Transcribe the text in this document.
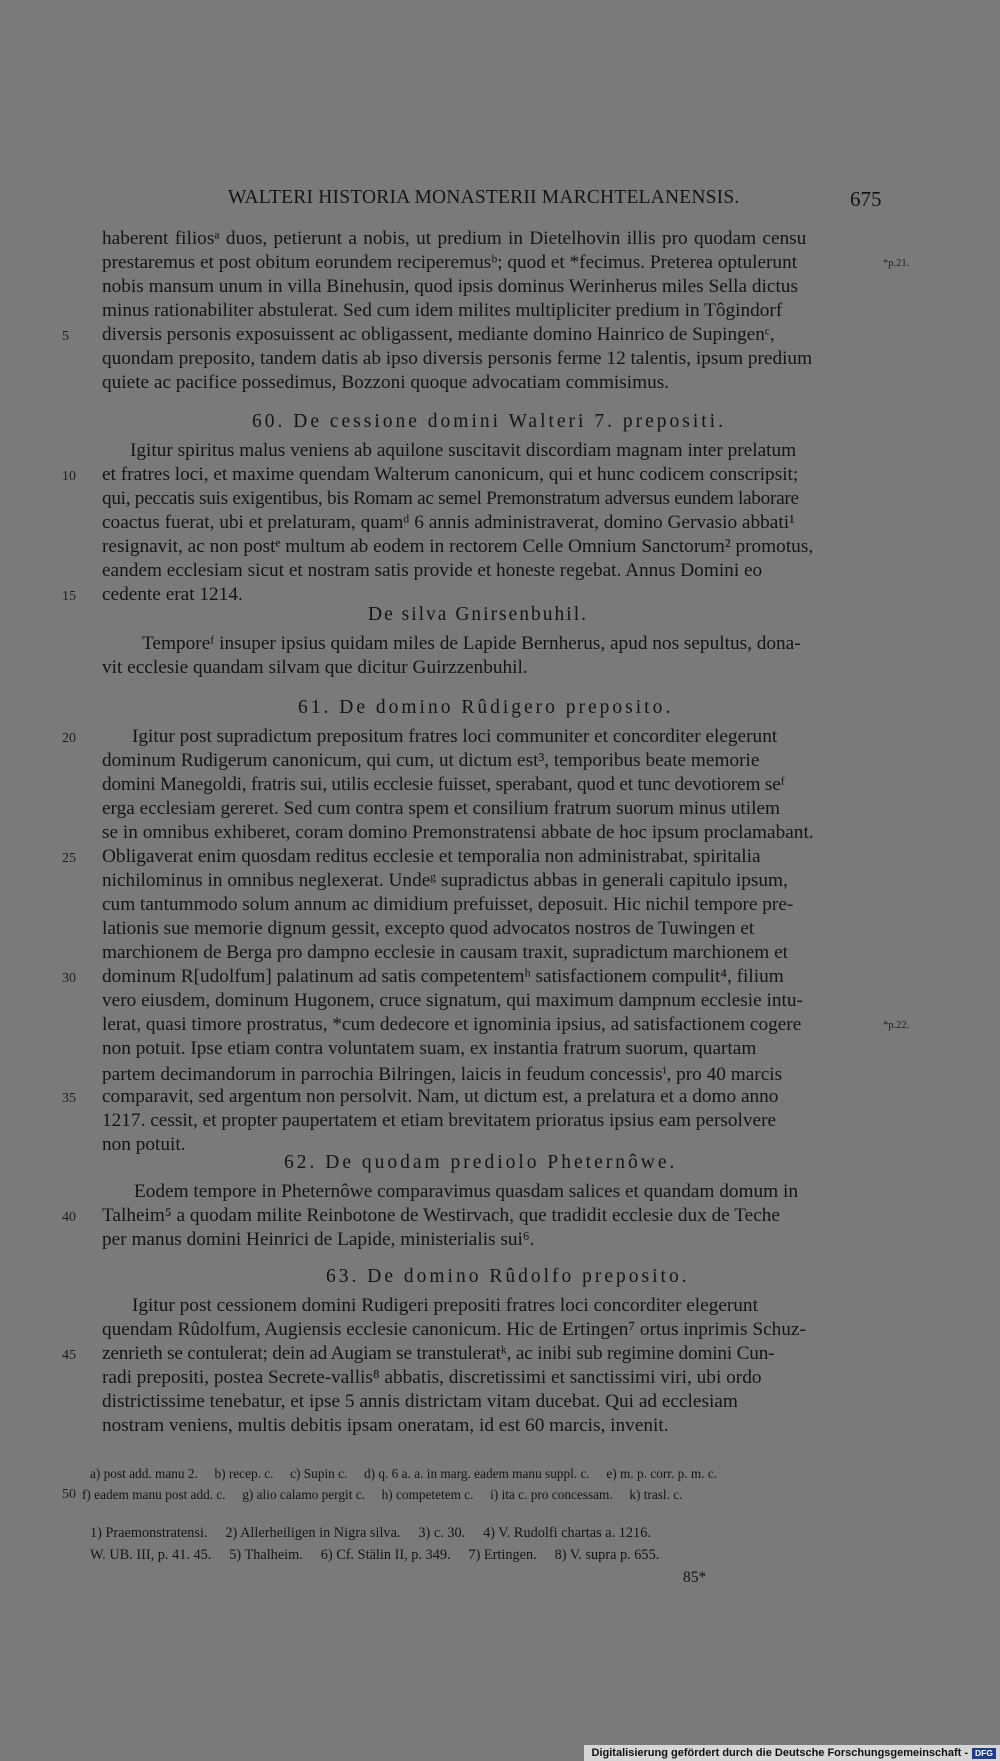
WALTERI HISTORIA MONASTERII MARCHTELANENSIS.	675
haberent filiosᵃ duos, petierunt a nobis, ut predium in Dietelhovin illis pro quodam censu
prestaremus et post obitum eorundem reciperemusᵇ; quod et *fecimus. Preterea optulerunt
nobis mansum unum in villa Binehusin, quod ipsis dominus Werinherus miles Sella dictus
minus rationabiliter abstulerat. Sed cum idem milites multipliciter predium in Tôgindorf
diversis personis exposuissent ac obligassent, mediante domino Hainrico de Supingenᶜ,
quondam preposito, tandem datis ab ipso diversis personis ferme 12 talentis, ipsum predium
quiete ac pacifice possedimus, Bozzoni quoque advocatiam commisimus.
60. De cessione domini Walteri 7. prepositi.
Igitur spiritus malus veniens ab aquilone suscitavit discordiam magnam inter prelatum
et fratres loci, et maxime quendam Walterum canonicum, qui et hunc codicem conscripsit;
qui, peccatis suis exigentibus, bis Romam ac semel Premonstratum adversus eundem laborare
coactus fuerat, ubi et prelaturam, quamᵈ 6 annis administraverat, domino Gervasio abbati¹
resignavit, ac non postᵉ multum ab eodem in rectorem Celle Omnium Sanctorum² promotus,
eandem ecclesiam sicut et nostram satis provide et honeste regebat. Annus Domini eo
cedente erat 1214.
De silva Gnirsenbuhil.
Temporeᶠ insuper ipsius quidam miles de Lapide Bernherus, apud nos sepultus, dona-
vit ecclesie quandam silvam que dicitur Guirzzenbuhil.
61. De domino Rûdigero preposito.
Igitur post supradictum prepositum fratres loci communiter et concorditer elegerunt
dominum Rudigerum canonicum, qui cum, ut dictum est³, temporibus beate memorie
domini Manegoldi, fratris sui, utilis ecclesie fuisset, sperabant, quod et tunc devotiorem seᶠ
erga ecclesiam gereret. Sed cum contra spem et consilium fratrum suorum minus utilem
se in omnibus exhiberet, coram domino Premonstratensi abbate de hoc ipsum proclamabant.
Obligaverat enim quosdam reditus ecclesie et temporalia non administrabat, spiritalia
nichilominus in omnibus neglexerat. Undeᵍ supradictus abbas in generali capitulo ipsum,
cum tantummodo solum annum ac dimidium prefuisset, deposuit. Hic nichil tempore pre-
lationis sue memorie dignum gessit, excepto quod advocatos nostros de Tuwingen et
marchionem de Berga pro dampno ecclesie in causam traxit, supradictum marchionem et
dominum R[udolfum] palatinum ad satis competentemʰ satisfactionem compulit⁴, filium
vero eiusdem, dominum Hugonem, cruce signatum, qui maximum dampnum ecclesie intu-
lerat, quasi timore prostratus, *cum dedecore et ignominia ipsius, ad satisfactionem cogere
non potuit. Ipse etiam contra voluntatem suam, ex instantia fratrum suorum, quartam
partem decimandorum in parrochia Bilringen, laicis in feudum concessisⁱ, pro 40 marcis
comparavit, sed argentum non persolvit. Nam, ut dictum est, a prelatura et a domo anno
1217. cessit, et propter paupertatem et etiam brevitatem prioratus ipsius eam persolvere
non potuit.
62. De quodam prediolo Pheternôwe.
Eodem tempore in Pheternôwe comparavimus quasdam salices et quandam domum in
Talheim⁵ a quodam milite Reinbotone de Westirvach, que tradidit ecclesie dux de Teche
per manus domini Heinrici de Lapide, ministerialis sui⁶.
63. De domino Rûdolfo preposito.
Igitur post cessionem domini Rudigeri prepositi fratres loci concorditer elegerunt
quendam Rûdolfum, Augiensis ecclesie canonicum. Hic de Ertingen⁷ ortus inprimis Schuz-
zenrieth se contulerat; dein ad Augiam se transtuleratᵏ, ac inibi sub regimine domini Cun-
radi prepositi, postea Secrete-vallis⁸ abbatis, discretissimi et sanctissimi viri, ubi ordo
districtissime tenebatur, et ipse 5 annis districtam vitam ducebat. Qui ad ecclesiam
nostram veniens, multis debitis ipsam oneratam, id est 60 marcis, invenit.
5
10
15
20
25
30
35
40
45
50
*p.21.
*p.22.
a) post add. manu 2.     b) recep. c.     c) Supin c.     d) q. 6 a. a. in marg. eadem manu suppl. c.     e) m. p. corr. p. m. c.
f) eadem manu post add. c.     g) alio calamo pergit c.     h) competetem c.     i) ita c. pro concessam.     k) trasl. c.
1) Praemonstratensi.     2) Allerheiligen in Nigra silva.     3) c. 30.     4) V. Rudolfi chartas a. 1216.
W. UB. III, p. 41. 45.     5) Thalheim.     6) Cf. Stälin II, p. 349.     7) Ertingen.     8) V. supra p. 655.
85*
Digitalisierung gefördert durch die Deutsche Forschungsgemeinschaft - DFG
